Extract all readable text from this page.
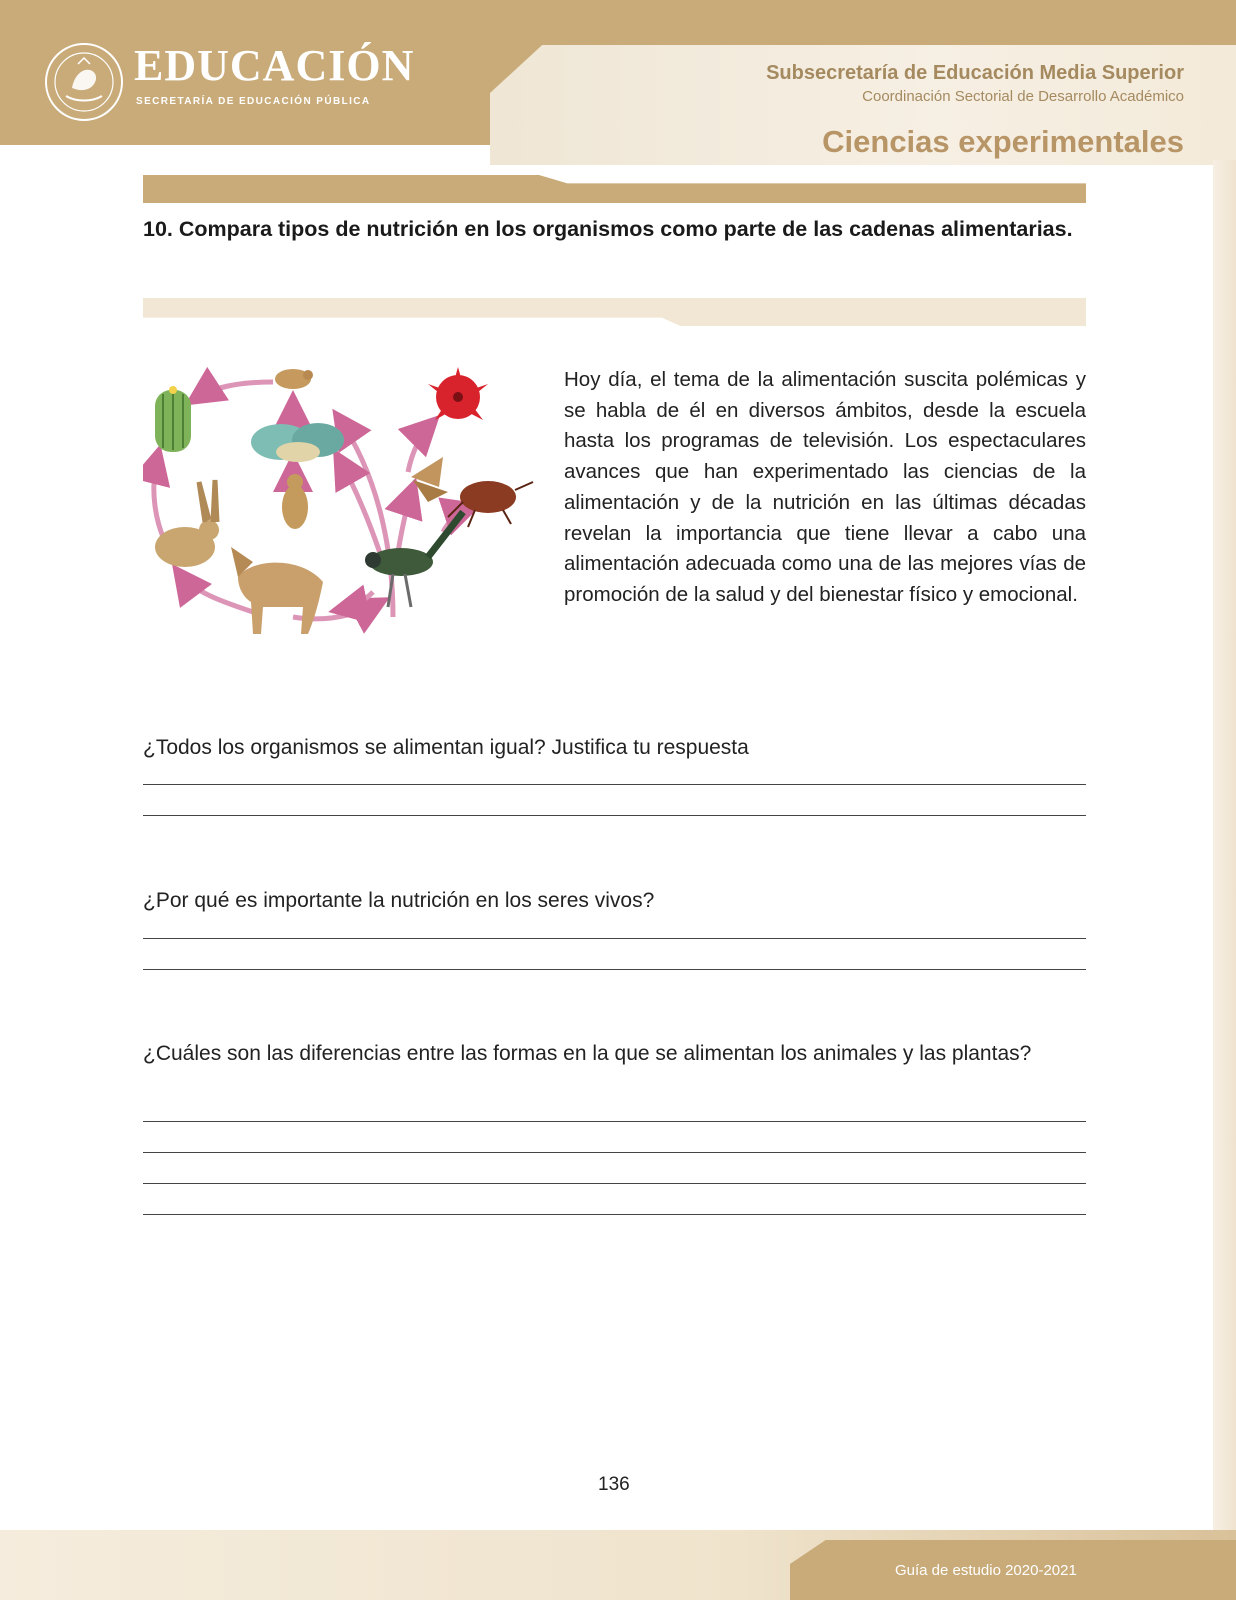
EDUCACIÓN
SECRETARÍA DE EDUCACIÓN PÚBLICA
Subsecretaría de Educación Media Superior
Coordinación Sectorial de Desarrollo Académico
Ciencias experimentales
10. Compara tipos de nutrición en los organismos como parte de las cadenas alimentarias.
Hoy día, el tema de la alimentación suscita polémicas y se habla de él en diversos ámbitos, desde la escuela hasta los programas de televisión. Los espectaculares avances que han experimentado las ciencias de la alimentación y de la nutrición en las últimas décadas revelan la importancia que tiene llevar a cabo una alimentación adecuada como una de las mejores vías de promoción de la salud y del bienestar físico y emocional.
¿Todos los organismos se alimentan igual? Justifica tu respuesta
¿Por qué es importante la nutrición en los seres vivos?
¿Cuáles son las diferencias entre las formas en la que se alimentan los animales y las plantas?
136
Guía de estudio 2020-2021
